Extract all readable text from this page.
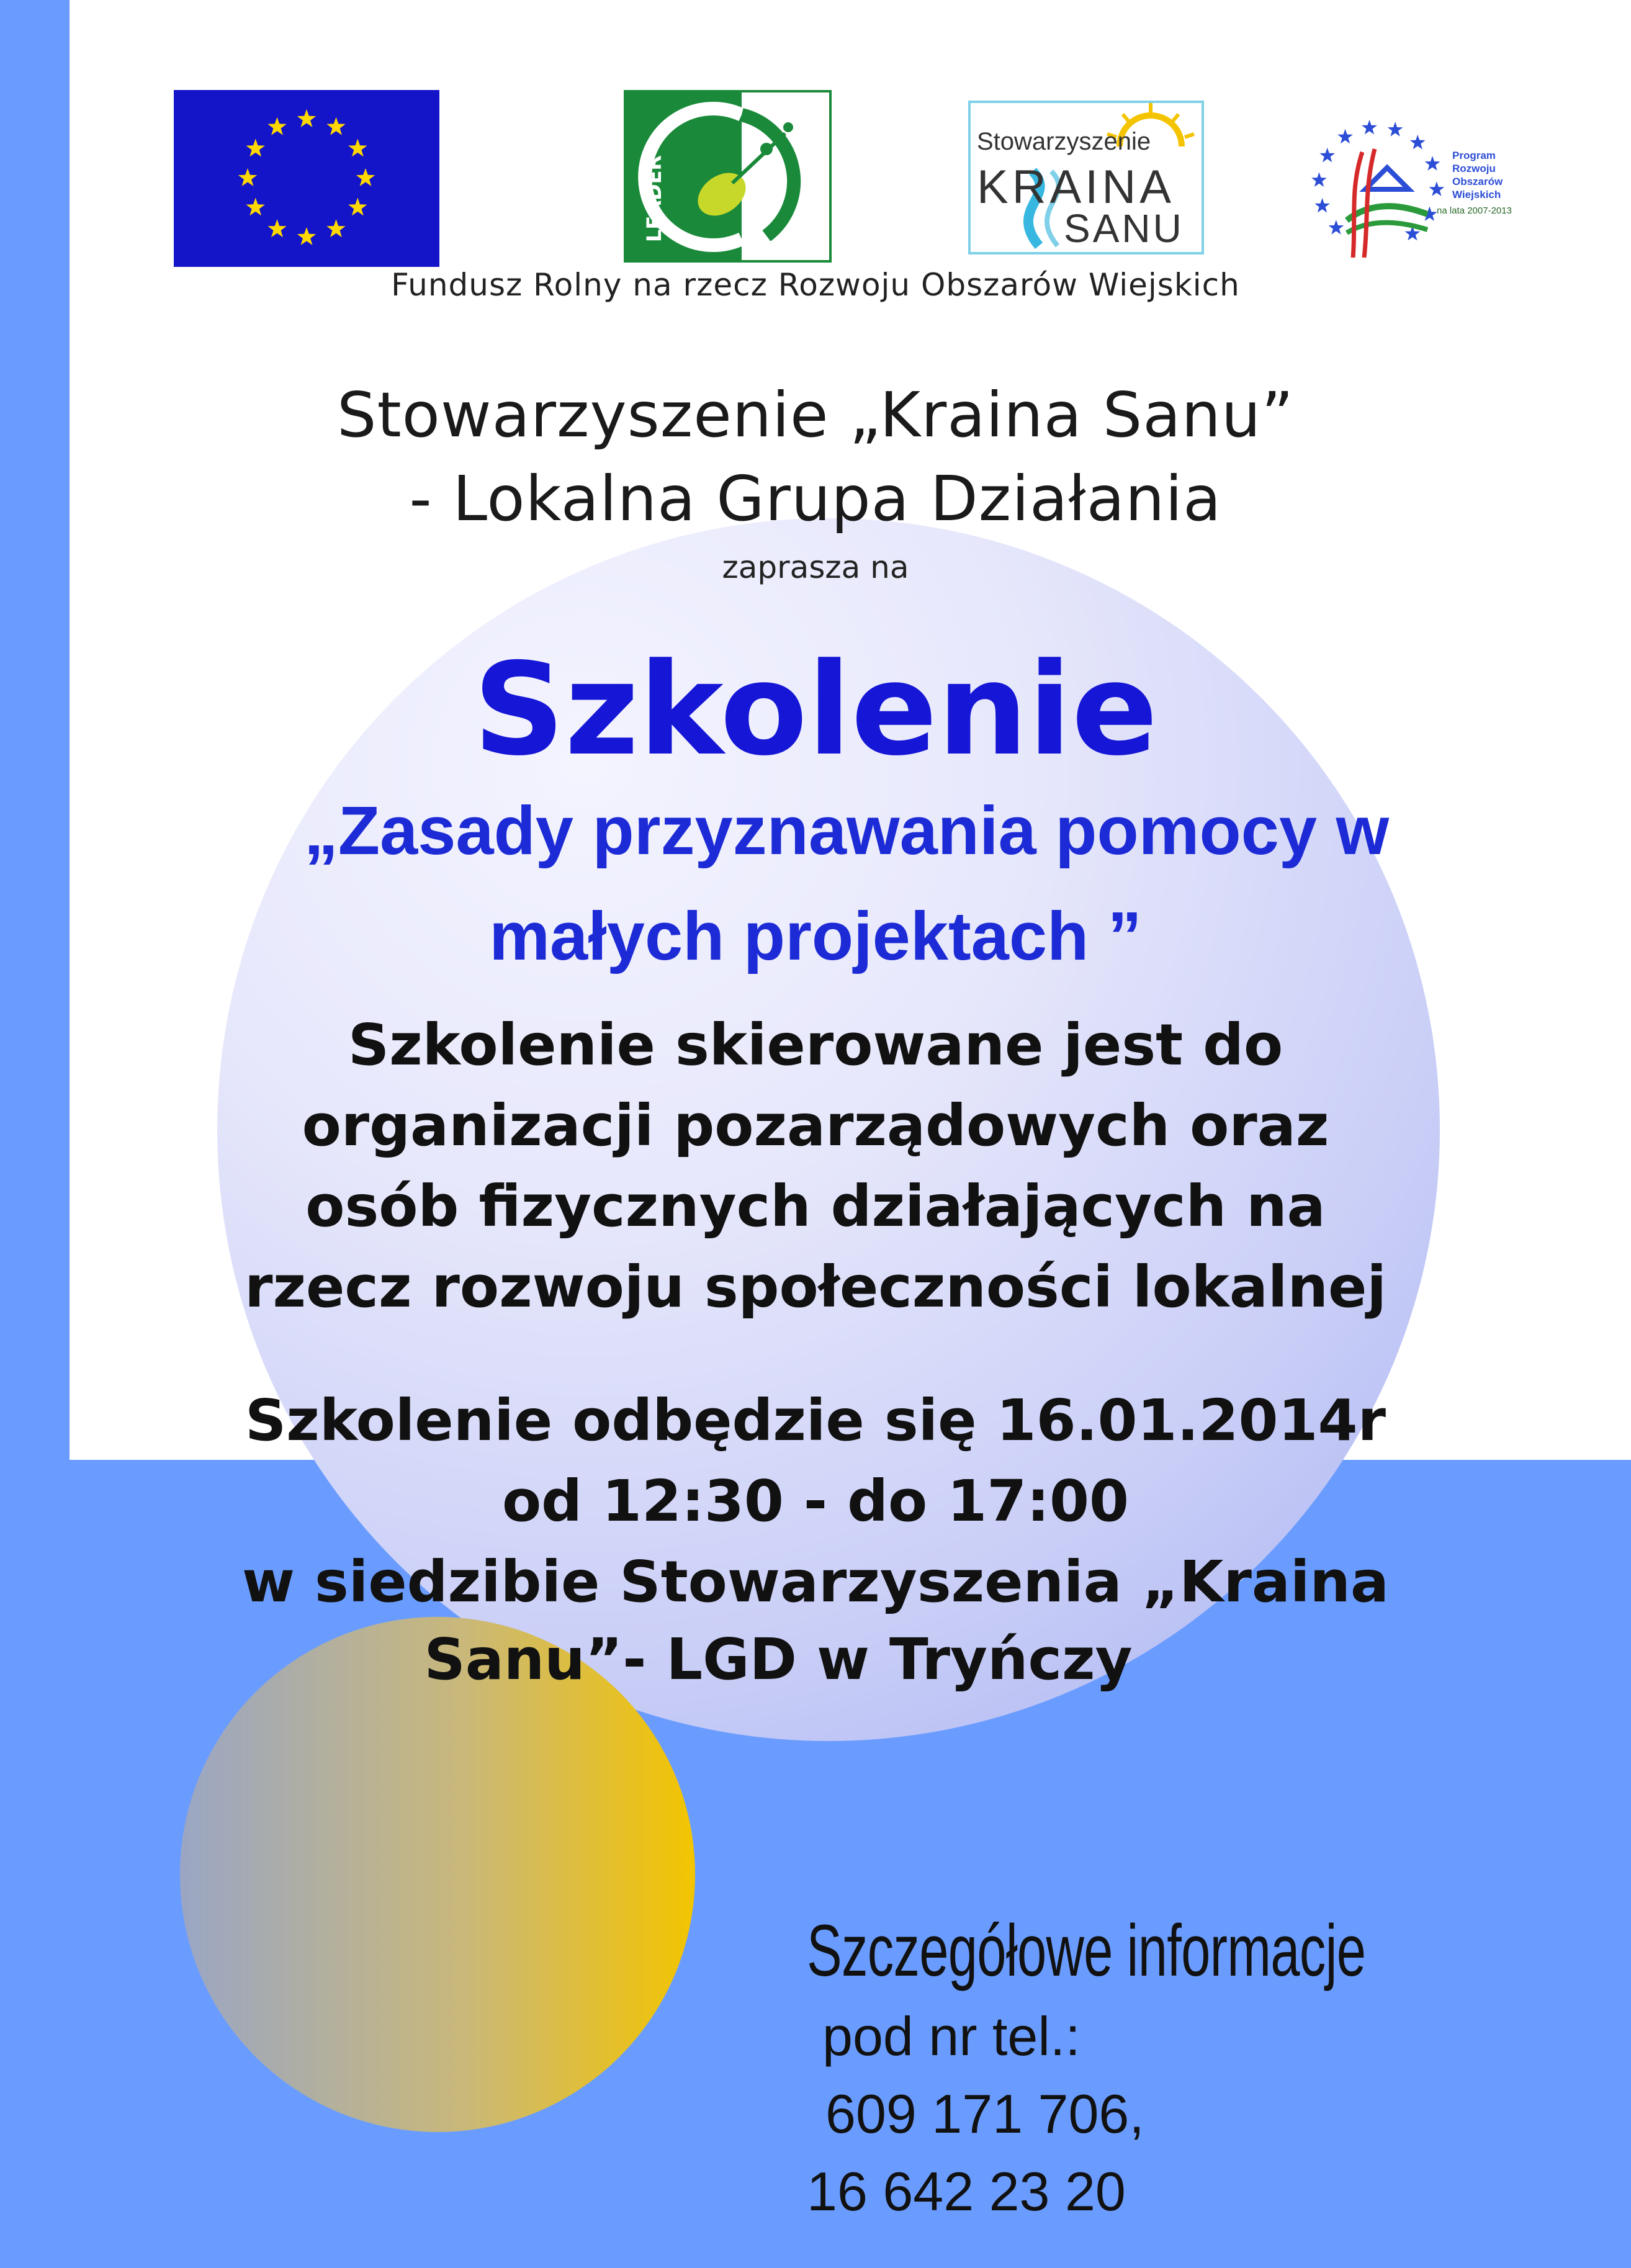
LEADER
Stowarzyszenie
KRAINA
SANU
Program
Rozwoju
Obszarów
Wiejskich
na lata 2007-2013
Fundusz Rolny na rzecz Rozwoju Obszarów Wiejskich
Stowarzyszenie „Kraina Sanu”
- Lokalna Grupa Działania
zaprasza na
Szkolenie
„Zasady przyznawania pomocy w
małych projektach ”
Szkolenie skierowane jest do
organizacji pozarządowych oraz
osób fizycznych działających na
rzecz rozwoju społeczności lokalnej
Szkolenie odbędzie się 16.01.2014r
od 12:30 - do 17:00
w siedzibie Stowarzyszenia „Kraina
Sanu”- LGD w Tryńczy
Szczegółowe informacje
pod nr tel.:
609 171 706,
16 642 23 20
